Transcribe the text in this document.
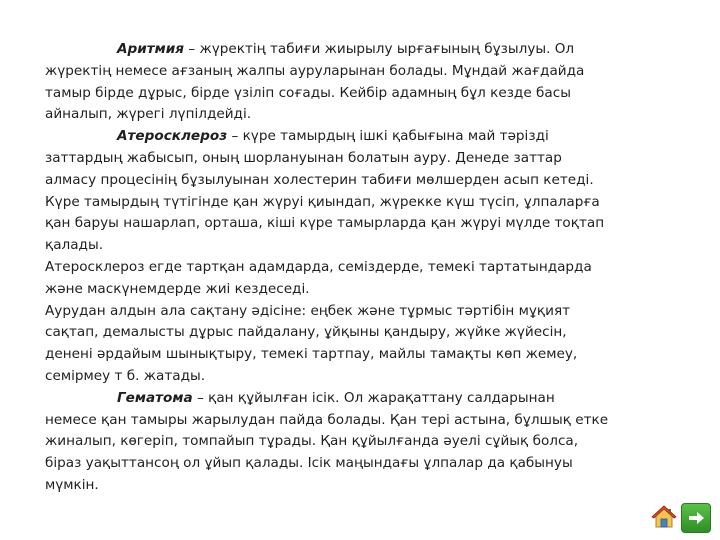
Аритмия – жүректің табиғи жиырылу ырғағының бұзылуы. Ол
жүректің немесе ағзаның жалпы ауруларынан болады. Мұндай жағдайда
тамыр бірде дұрыс, бірде үзіліп соғады. Кейбір адамның бұл кезде басы
айналып, жүрегі лүпілдейді.
Атеросклероз – күре тамырдың ішкі қабығына май тәрізді
заттардың жабысып, оның шорлануынан болатын ауру. Денеде заттар
алмасу процесінің бұзылуынан холестерин табиғи мөлшерден асып кетеді.
Күре тамырдың түтігінде қан жүруі қиындап, жүрекке күш түсіп, ұлпаларға
қан баруы нашарлап, орташа, кіші күре тамырларда қан жүруі мүлде тоқтап
қалады.
Атеросклероз егде тартқан адамдарда, семіздерде, темекі тартатындарда
және маскүнемдерде жиі кездеседі.
Аурудан алдын ала сақтану әдісіне: еңбек және тұрмыс тәртібін мұқият
сақтап, демалысты дұрыс пайдалану, ұйқыны қандыру, жүйке жүйесін,
денені әрдайым шынықтыру, темекі тартпау, майлы тамақты көп жемеу,
семірмеу т б. жатады.
Гематома – қан құйылған ісік. Ол жарақаттану салдарынан
немесе қан тамыры жарылудан пайда болады. Қан тері астына, бұлшық етке
жиналып, көгеріп, томпайып тұрады. Қан құйылғанда әуелі сұйық болса,
біраз уақыттансоң ол ұйып қалады. Ісік маңындағы ұлпалар да қабынуы
мүмкін.
